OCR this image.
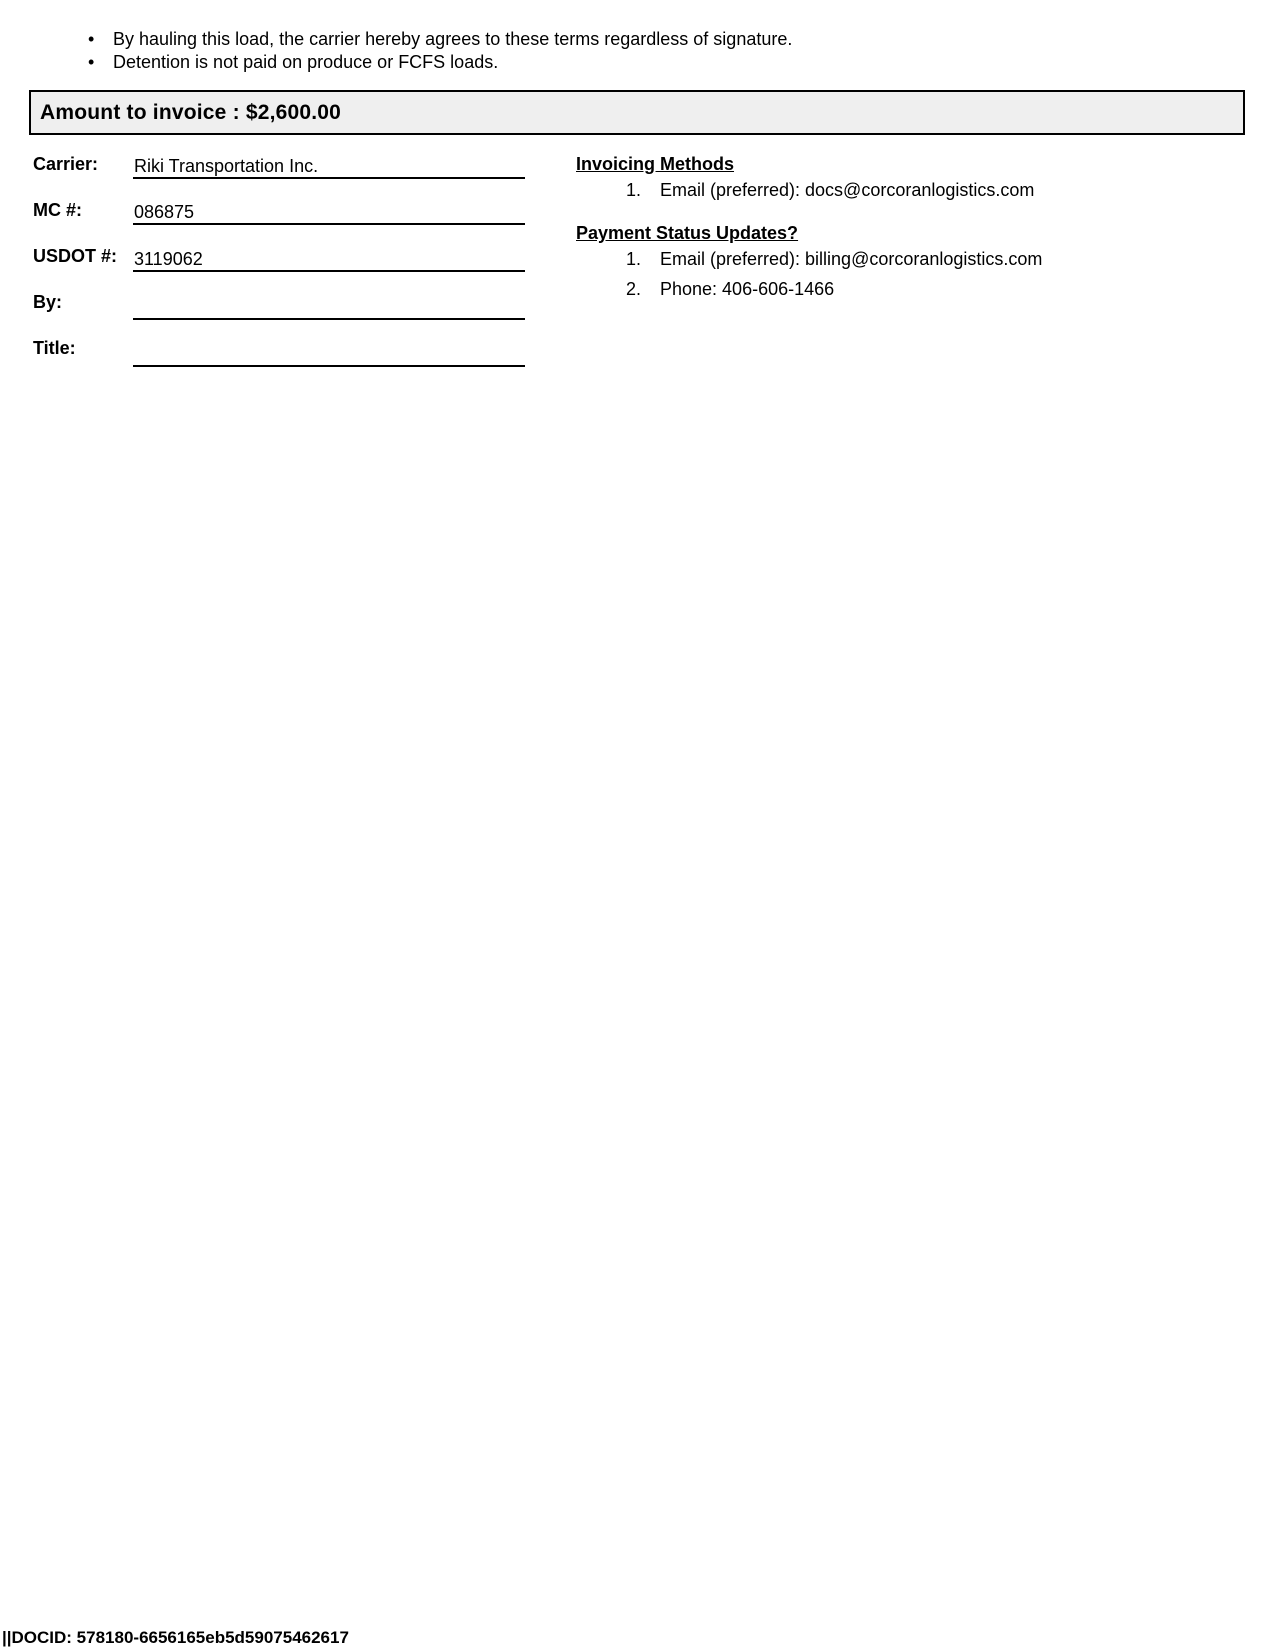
• By hauling this load, the carrier hereby agrees to these terms regardless of signature.
• Detention is not paid on produce or FCFS loads.
Amount to invoice : $2,600.00
Carrier: Riki Transportation Inc.
MC #:	086875
USDOT #: 3119062
By:
Title:
Invoicing Methods
1. Email (preferred): docs@corcoranlogistics.com
Payment Status Updates?
1. Email (preferred): billing@corcoranlogistics.com
2. Phone: 406-606-1466
||DOCID: 578180-6656165eb5d59075462617
